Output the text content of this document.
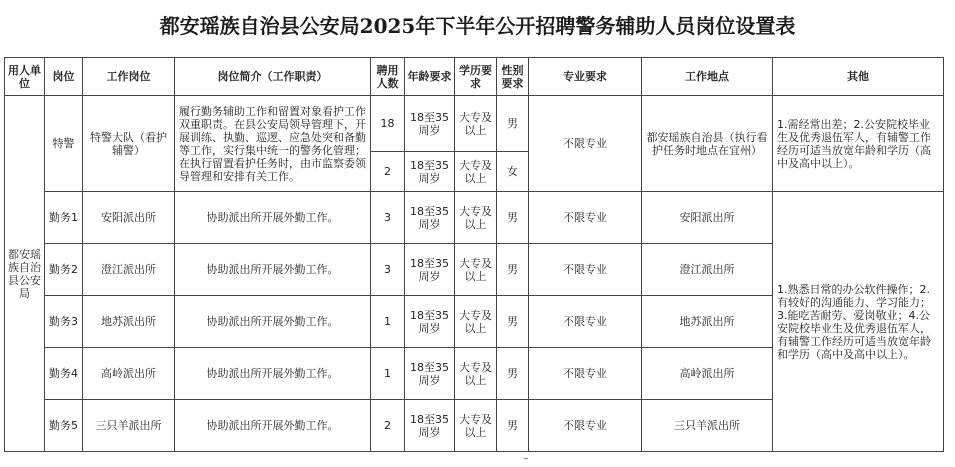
都安瑶族自治县公安局2025年下半年公开招聘警务辅助人员岗位设置表
用人单位	岗位	工作岗位	岗位简介（工作职责）	聘用人数	年龄要求	学历要求	性别要求	专业要求	工作地点	其他
都安瑶族自治县公安局	特警	特警大队（看护辅警）	履行勤务辅助工作和留置对象看护工作双重职责。在县公安局领导管理下，开展训练、执勤、巡逻、应急处突和备勤等工作，实行集中统一的警务化管理；在执行留置看护任务时，由市监察委领导管理和安排有关工作。	18	18至35周岁	大专及以上	男	不限专业	都安瑶族自治县（执行看护任务时地点在宜州）	1.需经常出差；2.公安院校毕业生及优秀退伍军人，有辅警工作经历可适当放宽年龄和学历（高中及高中以上）。
				2	18至35周岁	大专及以上	女			
	勤务1	安阳派出所	协助派出所开展外勤工作。	3	18至35周岁	大专及以上	男	不限专业	安阳派出所	1.熟悉日常的办公软件操作；2.有较好的沟通能力、学习能力；3.能吃苦耐劳、爱岗敬业；4.公安院校毕业生及优秀退伍军人，有辅警工作经历可适当放宽年龄和学历（高中及高中以上）。
	勤务2	澄江派出所	协助派出所开展外勤工作。	3	18至35周岁	大专及以上	男	不限专业	澄江派出所	
	勤务3	地苏派出所	协助派出所开展外勤工作。	1	18至35周岁	大专及以上	男	不限专业	地苏派出所	
	勤务4	高岭派出所	协助派出所开展外勤工作。	1	18至35周岁	大专及以上	男	不限专业	高岭派出所	
	勤务5	三只羊派出所	协助派出所开展外勤工作。	2	18至35周岁	大专及以上	男	不限专业	三只羊派出所	
